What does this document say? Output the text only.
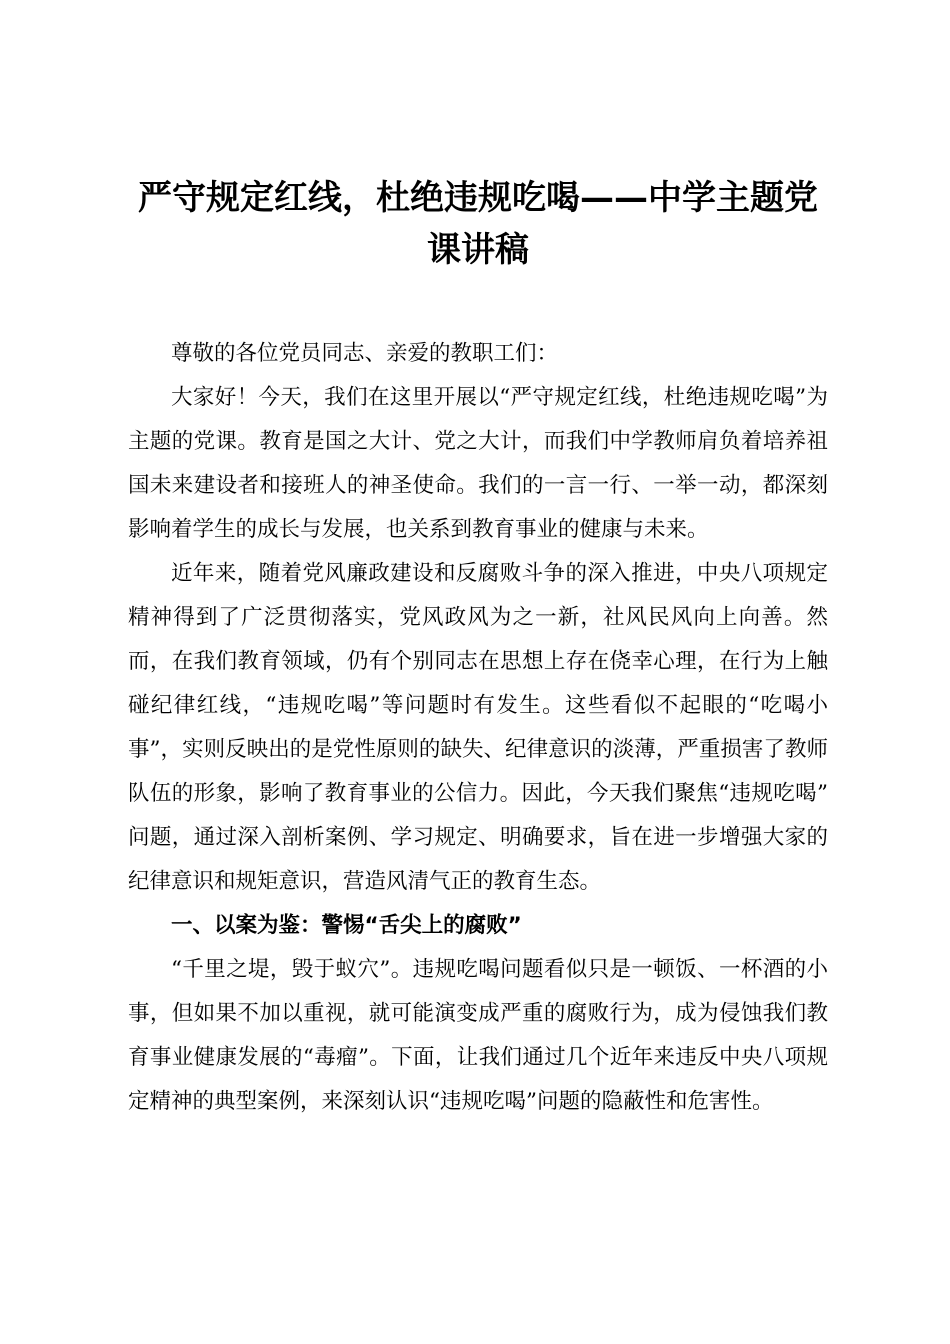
严守规定红线，杜绝违规吃喝——中学主题党课讲稿

尊敬的各位党员同志、亲爱的教职工们：

大家好！今天，我们在这里开展以“严守规定红线，杜绝违规吃喝”为主题的党课。教育是国之大计、党之大计，而我们中学教师肩负着培养祖国未来建设者和接班人的神圣使命。我们的一言一行、一举一动，都深刻影响着学生的成长与发展，也关系到教育事业的健康与未来。

近年来，随着党风廉政建设和反腐败斗争的深入推进，中央八项规定精神得到了广泛贯彻落实，党风政风为之一新，社风民风向上向善。然而，在我们教育领域，仍有个别同志在思想上存在侥幸心理，在行为上触碰纪律红线，“违规吃喝”等问题时有发生。这些看似不起眼的“吃喝小事”，实则反映出的是党性原则的缺失、纪律意识的淡薄，严重损害了教师队伍的形象，影响了教育事业的公信力。因此，今天我们聚焦“违规吃喝”问题，通过深入剖析案例、学习规定、明确要求，旨在进一步增强大家的纪律意识和规矩意识，营造风清气正的教育生态。

一、以案为鉴：警惕“舌尖上的腐败”

“千里之堤，毁于蚁穴”。违规吃喝问题看似只是一顿饭、一杯酒的小事，但如果不加以重视，就可能演变成严重的腐败行为，成为侵蚀我们教育事业健康发展的“毒瘤”。下面，让我们通过几个近年来违反中央八项规定精神的典型案例，来深刻认识“违规吃喝”问题的隐蔽性和危害性。
